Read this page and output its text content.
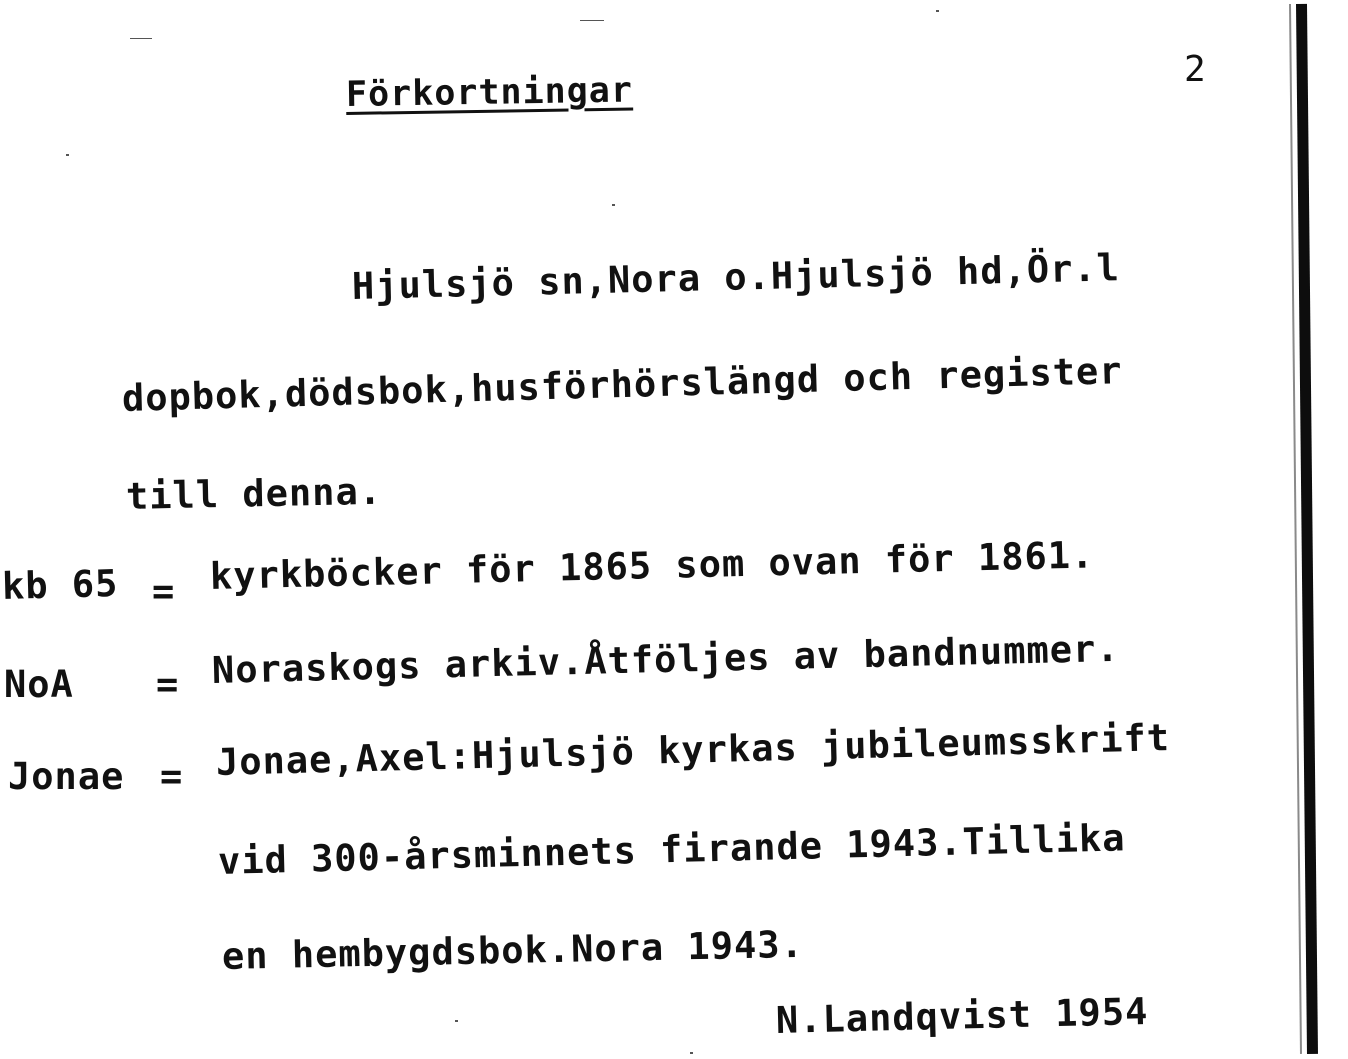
2
Förkortningar
Hjulsjö sn,Nora o.Hjulsjö hd,Ör.l
dopbok,dödsbok,husförhörslängd och register
till denna.
kb 65 = kyrkböcker för 1865 som ovan för 1861.
NoA = Noraskogs arkiv.Åtföljes av bandnummer.
Jonae = Jonae,Axel:Hjulsjö kyrkas jubileumsskrift
vid 300-årsminnets firande 1943.Tillika
en hembygdsbok.Nora 1943.
N.Landqvist 1954
